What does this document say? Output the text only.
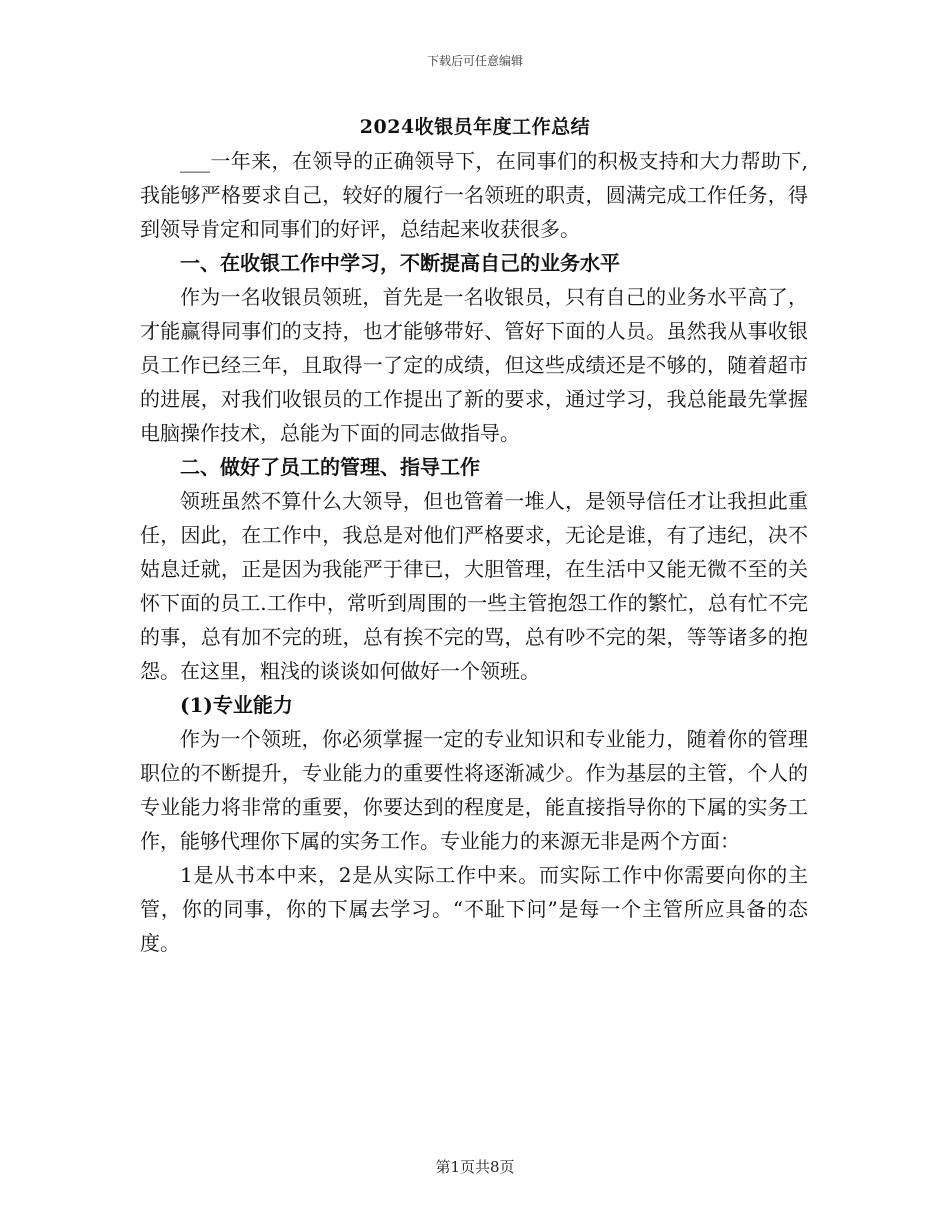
下载后可任意编辑
2024收银员年度工作总结

___一年来，在领导的正确领导下，在同事们的积极支持和大力帮助下,我能够严格要求自己，较好的履行一名领班的职责，圆满完成工作任务，得到领导肯定和同事们的好评，总结起来收获很多。

一、在收银工作中学习，不断提高自己的业务水平

作为一名收银员领班，首先是一名收银员，只有自己的业务水平高了，才能赢得同事们的支持，也才能够带好、管好下面的人员。虽然我从事收银员工作已经三年，且取得一了定的成绩，但这些成绩还是不够的，随着超市的进展，对我们收银员的工作提出了新的要求，通过学习，我总能最先掌握电脑操作技术，总能为下面的同志做指导。

二、做好了员工的管理、指导工作

领班虽然不算什么大领导，但也管着一堆人，是领导信任才让我担此重任，因此，在工作中，我总是对他们严格要求，无论是谁，有了违纪，决不姑息迁就，正是因为我能严于律已，大胆管理，在生活中又能无微不至的关怀下面的员工.工作中，常听到周围的一些主管抱怨工作的繁忙，总有忙不完的事，总有加不完的班，总有挨不完的骂，总有吵不完的架，等等诸多的抱怨。在这里，粗浅的谈谈如何做好一个领班。

(1)专业能力

作为一个领班，你必须掌握一定的专业知识和专业能力，随着你的管理职位的不断提升，专业能力的重要性将逐渐减少。作为基层的主管，个人的专业能力将非常的重要，你要达到的程度是，能直接指导你的下属的实务工作，能够代理你下属的实务工作。专业能力的来源无非是两个方面：

1是从书本中来，2是从实际工作中来。而实际工作中你需要向你的主管，你的同事，你的下属去学习。“不耻下问”是每一个主管所应具备的态度。

第1页共8页
